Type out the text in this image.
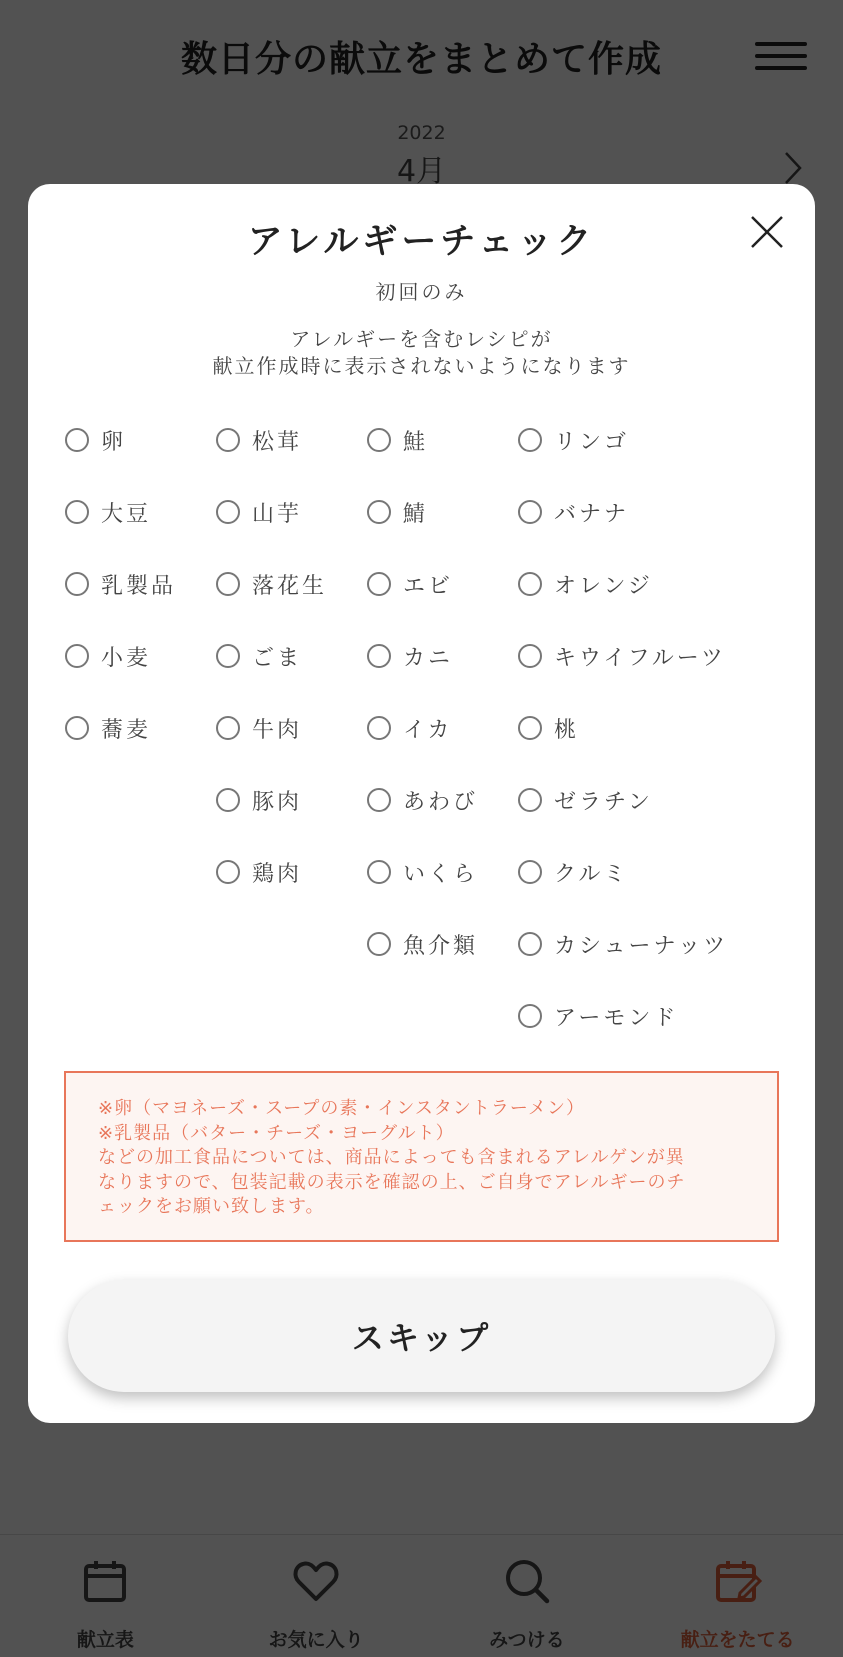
アレルギーチェック
初回のみ
アレルギーを含むレシピが
献立作成時に表示されないようになります
卵
大豆
乳製品
小麦
蕎麦
松茸
山芋
落花生
ごま
牛肉
豚肉
鶏肉
鮭
鯖
エビ
カニ
イカ
あわび
いくら
魚介類
リンゴ
バナナ
オレンジ
キウイフルーツ
桃
ゼラチン
クルミ
カシューナッツ
アーモンド
※卵（マヨネーズ・スープの素・インスタントラーメン）
※乳製品（バター・チーズ・ヨーグルト）
などの加工食品については、商品によっても含まれるアレルゲンが異
なりますので、包装記載の表示を確認の上、ご自身でアレルギーのチ
ェックをお願い致します。
スキップ
